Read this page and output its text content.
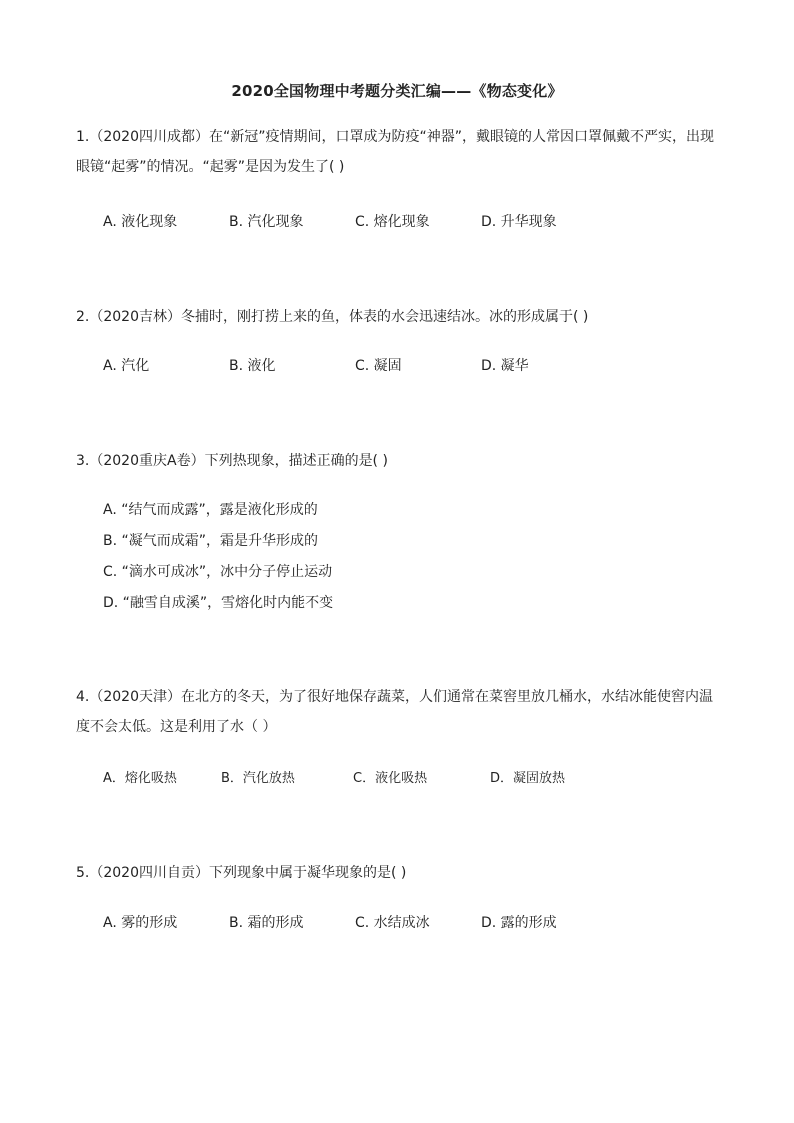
2020全国物理中考题分类汇编——《物态变化》
1.（2020四川成都）在“新冠”疫情期间，口罩成为防疫“神器”，戴眼镜的人常因口罩佩戴不严实，出现眼镜“起雾”的情况。“起雾”是因为发生了( )
A. 液化现象	B. 汽化现象	C. 熔化现象	D. 升华现象
2.（2020吉林）冬捕时，刚打捞上来的鱼，体表的水会迅速结冰。冰的形成属于( )
A. 汽化	B. 液化	C. 凝固	D. 凝华
3.（2020重庆A卷）下列热现象，描述正确的是( )
A. “结气而成露”，露是液化形成的
B. “凝气而成霜”，霜是升华形成的
C. “滴水可成冰”，冰中分子停止运动
D. “融雪自成溪”，雪熔化时内能不变
4.（2020天津）在北方的冬天，为了很好地保存蔬菜，人们通常在菜窖里放几桶水，水结冰能使窖内温度不会太低。这是利用了水（ ）
A．熔化吸热	B．汽化放热	C．液化吸热	D．凝固放热
5.（2020四川自贡）下列现象中属于凝华现象的是( )
A. 雾的形成	B. 霜的形成	C. 水结成冰	D. 露的形成
